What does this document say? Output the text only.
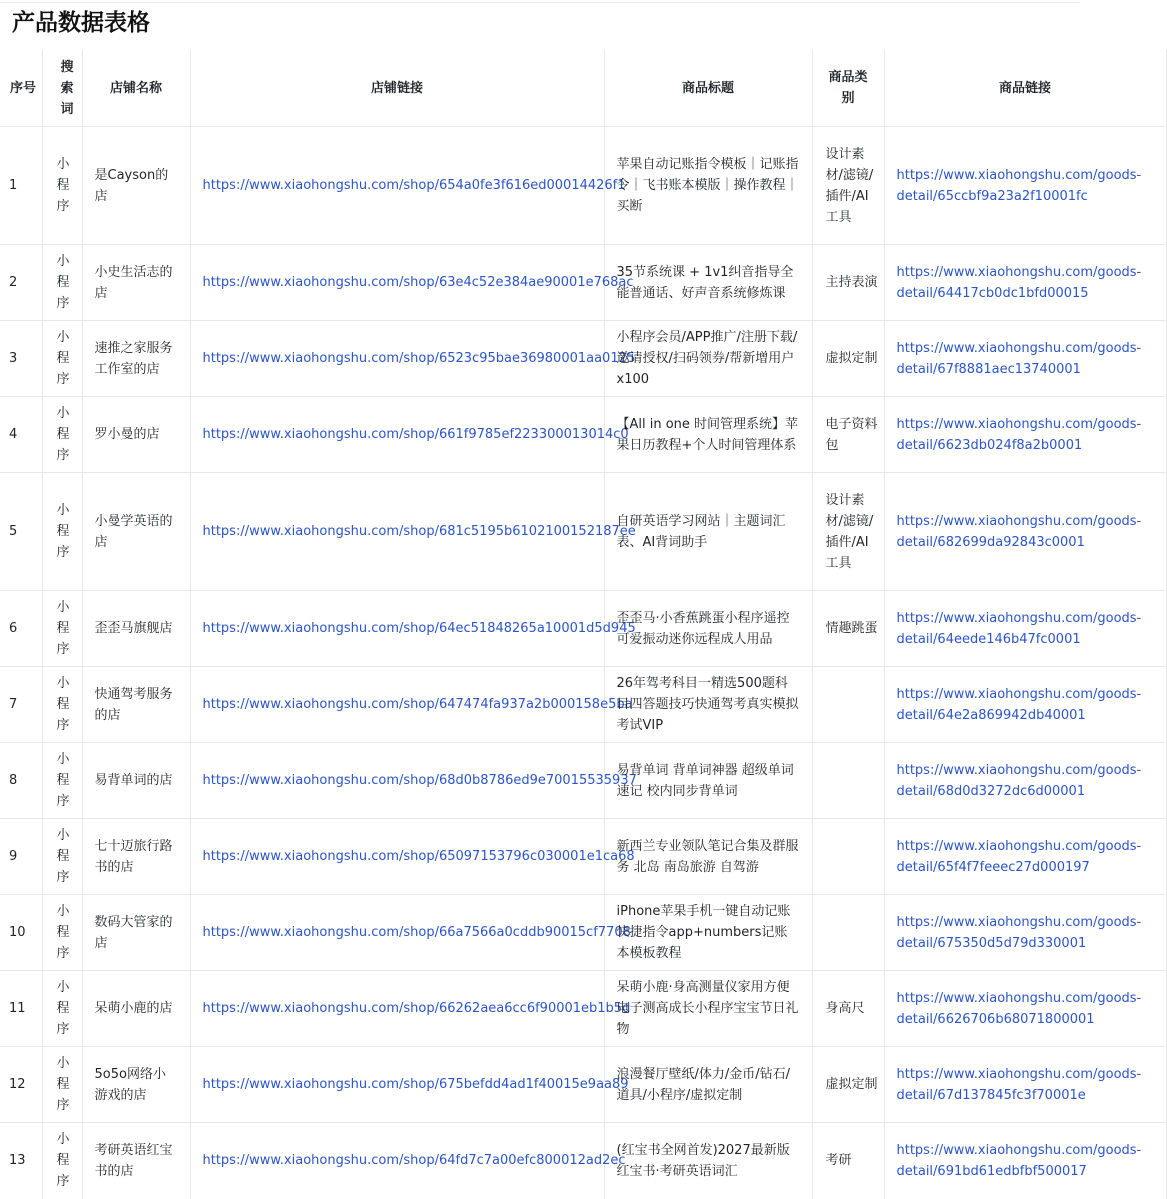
产品数据表格
序号	搜索词	店铺名称	店铺链接	商品标题	商品类别	商品链接
1	小程序	是Cayson的店	https://www.xiaohongshu.com/shop/654a0fe3f616ed00014426f1	苹果自动记账指令模板｜记账指令｜飞书账本模版｜操作教程｜买断	设计素材/滤镜/插件/AI工具	https://www.xiaohongshu.com/goods-
detail/65ccbf9a23a2f10001fc

2	小程序	小史生活志的店	https://www.xiaohongshu.com/shop/63e4c52e384ae90001e768ac	35节系统课 + 1v1纠音指导全能普通话、好声音系统修炼课	主持表演	https://www.xiaohongshu.com/goods-
detail/64417cb0dc1bfd00015

3	小程序	速推之家服务工作室的店	https://www.xiaohongshu.com/shop/6523c95bae36980001aa0125	小程序会员/APP推广/注册下载/邀请授权/扫码领券/帮新增用户 x100	虚拟定制	https://www.xiaohongshu.com/goods-
detail/67f8881aec13740001

4	小程序	罗小曼的店	https://www.xiaohongshu.com/shop/661f9785ef223300013014c0	【All in one 时间管理系统】苹果日历教程+个人时间管理体系	电子资料包	https://www.xiaohongshu.com/goods-
detail/6623db024f8a2b0001

5	小程序	小曼学英语的店	https://www.xiaohongshu.com/shop/681c5195b6102100152187ee	自研英语学习网站｜主题词汇表、AI背词助手	设计素材/滤镜/插件/AI工具	https://www.xiaohongshu.com/goods-
detail/682699da92843c0001

6	小程序	歪歪马旗舰店	https://www.xiaohongshu.com/shop/64ec51848265a10001d5d945	歪歪马·小香蕉跳蛋小程序遥控可爱振动迷你远程成人用品	情趣跳蛋	https://www.xiaohongshu.com/goods-
detail/64eede146b47fc0001

7	小程序	快通驾考服务的店	https://www.xiaohongshu.com/shop/647474fa937a2b000158e5ba	26年驾考科目一精选500题科目四答题技巧快通驾考真实模拟考试VIP		https://www.xiaohongshu.com/goods-
detail/64e2a869942db40001

8	小程序	易背单词的店	https://www.xiaohongshu.com/shop/68d0b8786ed9e70015535937	易背单词 背单词神器 超级单词速记 校内同步背单词		https://www.xiaohongshu.com/goods-
detail/68d0d3272dc6d00001

9	小程序	七十迈旅行路书的店	https://www.xiaohongshu.com/shop/65097153796c030001e1ca68	新西兰专业领队笔记合集及群服务 北岛 南岛旅游 自驾游		https://www.xiaohongshu.com/goods-
detail/65f4f7feeec27d000197

10	小程序	数码大管家的店	https://www.xiaohongshu.com/shop/66a7566a0cddb90015cf7708	iPhone苹果手机一键自动记账快捷指令app+numbers记账本模板教程		https://www.xiaohongshu.com/goods-
detail/675350d5d79d330001

11	小程序	呆萌小鹿的店	https://www.xiaohongshu.com/shop/66262aea6cc6f90001eb1b5d	呆萌小鹿·身高测量仪家用方便电子测高成长小程序宝宝节日礼物	身高尺	https://www.xiaohongshu.com/goods-
detail/6626706b68071800001

12	小程序	5o5o网络小游戏的店	https://www.xiaohongshu.com/shop/675befdd4ad1f40015e9aa89	浪漫餐厅壁纸/体力/金币/钻石/道具/小程序/虚拟定制	虚拟定制	https://www.xiaohongshu.com/goods-
detail/67d137845fc3f70001e

13	小程序	考研英语红宝书的店	https://www.xiaohongshu.com/shop/64fd7c7a00efc800012ad2ec	(红宝书全网首发)2027最新版红宝书·考研英语词汇	考研	https://www.xiaohongshu.com/goods-
detail/691bd61edbfbf500017
